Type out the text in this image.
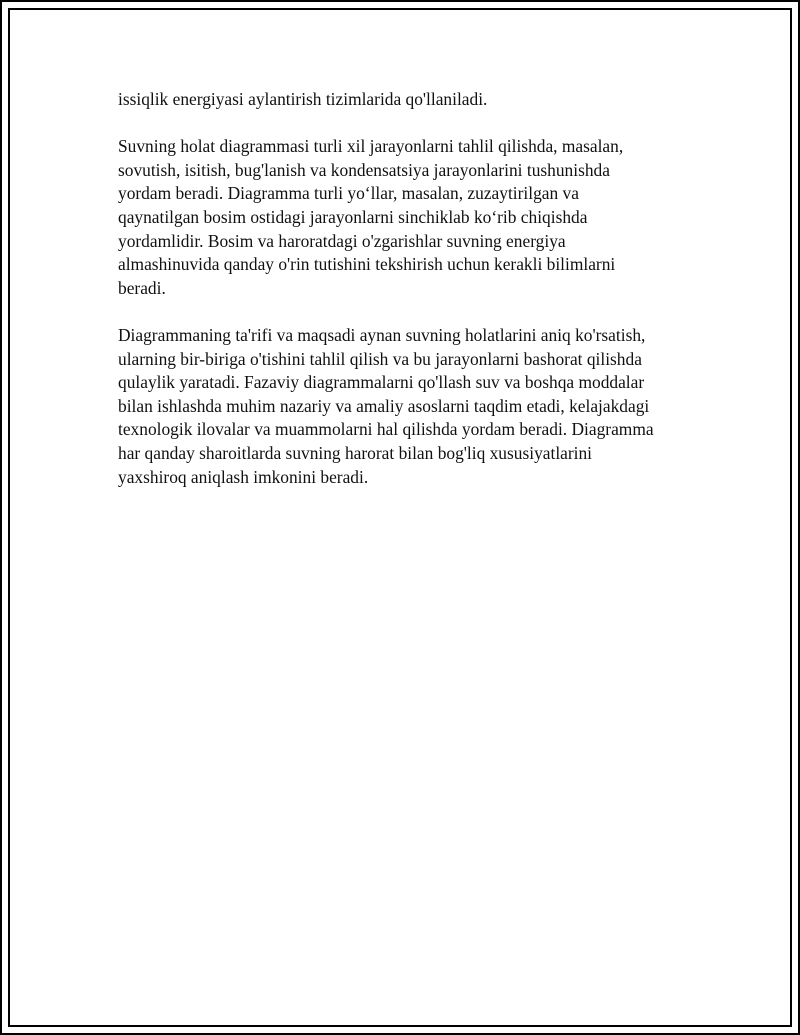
issiqlik energiyasi aylantirish tizimlarida qo'llaniladi.

Suvning holat diagrammasi turli xil jarayonlarni tahlil qilishda, masalan,
sovutish, isitish, bug'lanish va kondensatsiya jarayonlarini tushunishda
yordam beradi. Diagramma turli yo‘llar, masalan, zuzaytirilgan va
qaynatilgan bosim ostidagi jarayonlarni sinchiklab ko‘rib chiqishda
yordamlidir. Bosim va haroratdagi o'zgarishlar suvning energiya
almashinuvida qanday o'rin tutishini tekshirish uchun kerakli bilimlarni
beradi.

Diagrammaning ta'rifi va maqsadi aynan suvning holatlarini aniq ko'rsatish,
ularning bir-biriga o'tishini tahlil qilish va bu jarayonlarni bashorat qilishda
qulaylik yaratadi. Fazaviy diagrammalarni qo'llash suv va boshqa moddalar
bilan ishlashda muhim nazariy va amaliy asoslarni taqdim etadi, kelajakdagi
texnologik ilovalar va muammolarni hal qilishda yordam beradi. Diagramma
har qanday sharoitlarda suvning harorat bilan bog'liq xususiyatlarini
yaxshiroq aniqlash imkonini beradi.
